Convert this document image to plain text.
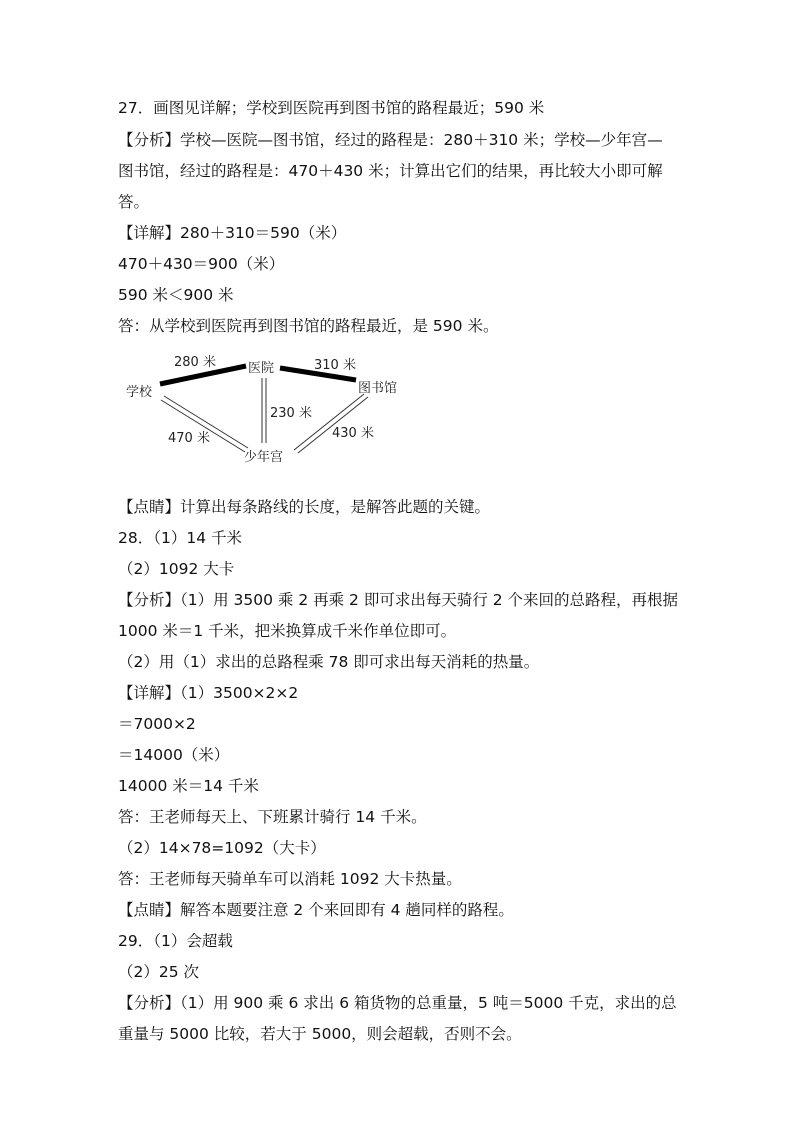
27．画图见详解；学校到医院再到图书馆的路程最近；590 米
【分析】学校—医院—图书馆，经过的路程是：280＋310 米；学校—少年宫—
图书馆，经过的路程是：470＋430 米；计算出它们的结果，再比较大小即可解
答。
【详解】280＋310＝590（米）
470＋430＝900（米）
590 米＜900 米
答：从学校到医院再到图书馆的路程最近，是 590 米。
学校
医院
图书馆
少年宫
280 米	310 米
230 米
470 米	430 米
【点睛】计算出每条路线的长度，是解答此题的关键。
28．（1）14 千米
（2）1092 大卡
【分析】（1）用 3500 乘 2 再乘 2 即可求出每天骑行 2 个来回的总路程，再根据
1000 米＝1 千米，把米换算成千米作单位即可。
（2）用（1）求出的总路程乘 78 即可求出每天消耗的热量。
【详解】（1）3500×2×2
＝7000×2
＝14000（米）
14000 米＝14 千米
答：王老师每天上、下班累计骑行 14 千米。
（2）14×78=1092（大卡）
答：王老师每天骑单车可以消耗 1092 大卡热量。
【点睛】解答本题要注意 2 个来回即有 4 趟同样的路程。
29．（1）会超载
（2）25 次
【分析】（1）用 900 乘 6 求出 6 箱货物的总重量，5 吨＝5000 千克，求出的总
重量与 5000 比较，若大于 5000，则会超载，否则不会。
